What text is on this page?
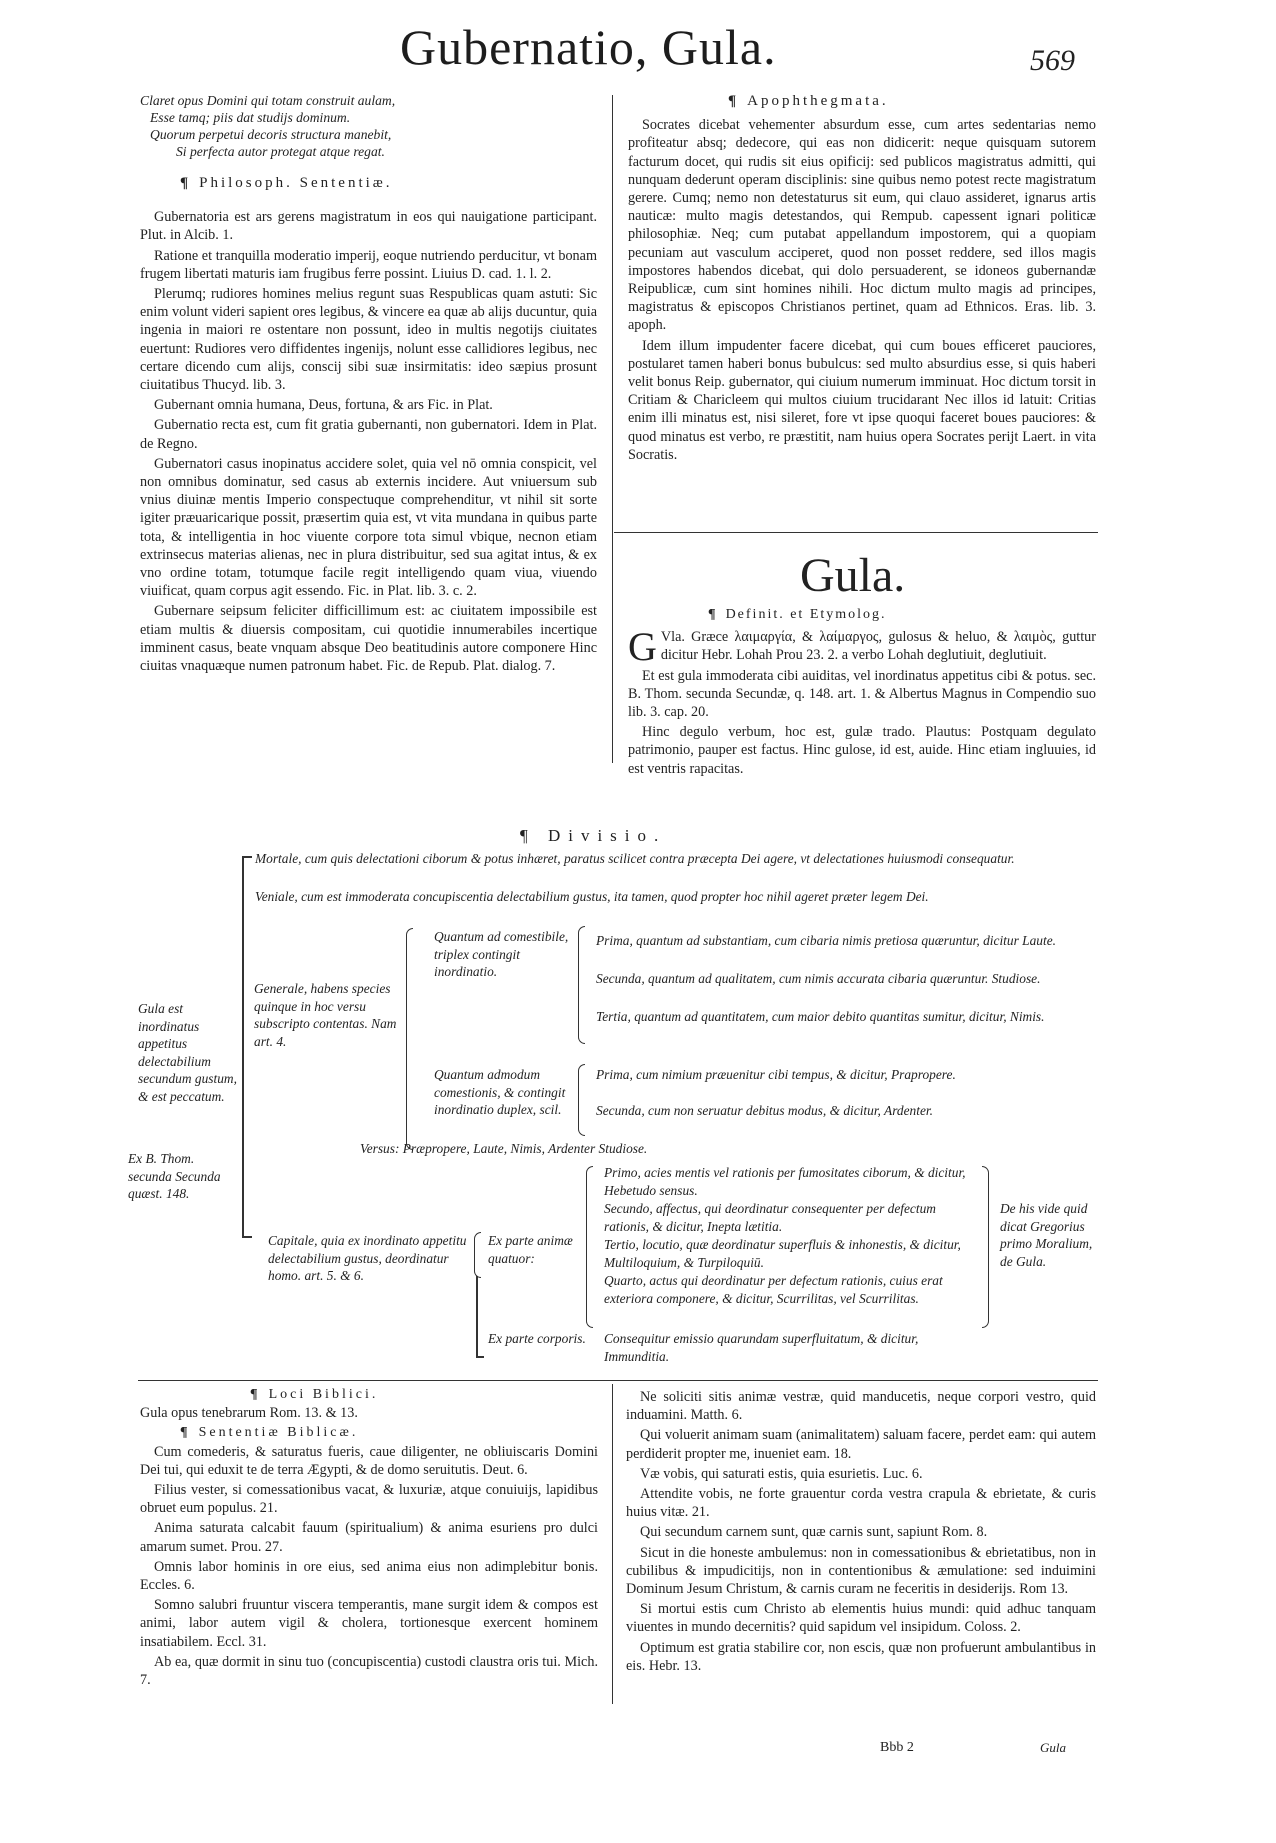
Gubernatio, Gula.	569
Claret opus Domini qui totam construit aulam,
Esse tamq; piis dat studijs dominum.
Quorum perpetui decoris structura manebit,
Si perfecta autor protegat atque regat.
¶ Philosoph. Sententiæ.

Gubernatoria est ars gerens magistratum in eos qui nauigatione participant. Plut. in Alcib. 1.

Ratione et tranquilla moderatio imperij, eoque nutriendo perducitur, vt bonam frugem libertati maturis iam frugibus ferre possint. Liuius D. cad. 1. l. 2.

Plerumq; rudiores homines melius regunt suas Respublicas quam astuti: Sic enim volunt videri sapient ores legibus, & vincere ea quæ ab alijs ducuntur, quia ingenia in maiori re ostentare non possunt, ideo in multis negotijs ciuitates euertunt: Rudiores vero diffidentes ingenijs, nolunt esse callidiores legibus, nec certare dicendo cum alijs, conscij sibi suæ insirmitatis: ideo sæpius prosunt ciuitatibus Thucyd. lib. 3.

Gubernant omnia humana, Deus, fortuna, & ars Fic. in Plat.

Gubernatio recta est, cum fit gratia gubernanti, non gubernatori. Idem in Plat. de Regno.

Gubernatori casus inopinatus accidere solet, quia vel nō omnia conspicit, vel non omnibus dominatur, sed casus ab externis incidere. Aut vniuersum sub vnius diuinæ mentis Imperio conspectuque comprehenditur, vt nihil sit sorte igiter præuaricarique possit, præsertim quia est, vt vita mundana in quibus parte tota, & intelligentia in hoc viuente corpore tota simul vbique, necnon etiam extrinsecus materias alienas, nec in plura distribuitur, sed sua agitat intus, & ex vno ordine totam, totumque facile regit intelligendo quam viua, viuendo viuificat, quam corpus agit essendo. Fic. in Plat. lib. 3. c. 2.

Gubernare seipsum feliciter difficillimum est: ac ciuitatem impossibile est etiam multis & diuersis compositam, cui quotidie innumerabiles incertique imminent casus, beate vnquam absque Deo beatitudinis autore componere Hinc ciuitas vnaquæque numen patronum habet. Fic. de Repub. Plat. dialog. 7.

¶ Apophthegmata.

Socrates dicebat vehementer absurdum esse, cum artes sedentarias nemo profiteatur absq; dedecore, qui eas non didicerit: neque quisquam sutorem facturum docet, qui rudis sit eius opificij: sed publicos magistratus admitti, qui nunquam dederunt operam disciplinis: sine quibus nemo potest recte magistratum gerere. Cumq; nemo non detestaturus sit eum, qui clauo assideret, ignarus artis nauticæ: multo magis detestandos, qui Rempub. capessent ignari politicæ philosophiæ. Neq; cum putabat appellandum impostorem, qui a quopiam pecuniam aut vasculum acciperet, quod non posset reddere, sed illos magis impostores habendos dicebat, qui dolo persuaderent, se idoneos gubernandæ Reipublicæ, cum sint homines nihili. Hoc dictum multo magis ad principes, magistratus & episcopos Christianos pertinet, quam ad Ethnicos. Eras. lib. 3. apoph.

Idem illum impudenter facere dicebat, qui cum boues efficeret pauciores, postularet tamen haberi bonus bubulcus: sed multo absurdius esse, si quis haberi velit bonus Reip. gubernator, qui ciuium numerum imminuat. Hoc dictum torsit in Critiam & Charicleem qui multos ciuium trucidarant Nec illos id latuit: Critias enim illi minatus est, nisi sileret, fore vt ipse quoqui faceret boues pauciores: & quod minatus est verbo, re præstitit, nam huius opera Socrates perijt Laert. in vita Socratis.

Gula.
¶ Definit. et Etymolog.

G Vla. Græce λαιμαργία, & λαίμαργος, gulosus & heluo, & λαιμὸς, guttur dicitur Hebr. Lohah Prou 23. 2. a verbo Lohah deglutiuit, deglutiuit.

Et est gula immoderata cibi auiditas, vel inordinatus appetitus cibi & potus. sec. B. Thom. secunda Secundæ, q. 148. art. 1. & Albertus Magnus in Compendio suo lib. 3. cap. 20.

Hinc degulo verbum, hoc est, gulæ trado. Plautus: Postquam degulato patrimonio, pauper est factus. Hinc gulose, id est, auide. Hinc etiam ingluuies, id est ventris rapacitas.

¶ Divisio.
Mortale, cum quis delectationi ciborum & potus inhæret, paratus scilicet contra præcepta Dei agere, vt delectationes huiusmodi consequatur.
Veniale, cum est immoderata concupiscentia delectabilium gustus, ita tamen, quod propter hoc nihil ageret præter legem Dei.
Gula est inordinatus appetitus delectabilium secundum gustum, & est peccatum.
Ex B. Thom. secunda Secunda quæst. 148.
Generale, habens species quinque in hoc versu subscripto contentas. Nam art. 4.
Quantum ad comestibile, triplex contingit inordinatio.
Prima, quantum ad substantiam, cum cibaria nimis pretiosa quæruntur, dicitur Laute.
Secunda, quantum ad qualitatem, cum nimis accurata cibaria quæruntur. Studiose.
Tertia, quantum ad quantitatem, cum maior debito quantitas sumitur, dicitur, Nimis.
Quantum admodum comestionis, & contingit inordinatio duplex, scil.
Prima, cum nimium præuenitur cibi tempus, & dicitur, Prapropere.
Secunda, cum non seruatur debitus modus, & dicitur, Ardenter.
Versus: Præpropere, Laute, Nimis, Ardenter Studiose.
Capitale, quia ex inordinato appetitu delectabilium gustus, deordinatur homo. art. 5. & 6.
Ex parte animæ quatuor:
Ex parte corporis.
Primo, acies mentis vel rationis per fumositates ciborum, & dicitur, Hebetudo sensus.
Secundo, affectus, qui deordinatur consequenter per defectum rationis, & dicitur, Inepta lætitia.
Tertio, locutio, quæ deordinatur superfluis & inhonestis, & dicitur, Multiloquium, & Turpiloquiū.
Quarto, actus qui deordinatur per defectum rationis, cuius erat exteriora componere, & dicitur, Scurrilitas, vel Scurrilitas.
Consequitur emissio quarundam superfluitatum, & dicitur, Immunditia.
De his vide quid dicat Gregorius primo Moralium, de Gula.
¶ Loci Biblici.

Gula opus tenebrarum Rom. 13. & 13.

¶ Sententiæ Biblicæ.

Cum comederis, & saturatus fueris, caue diligenter, ne obliuiscaris Domini Dei tui, qui eduxit te de terra Ægypti, & de domo seruitutis. Deut. 6.

Filius vester, si comessationibus vacat, & luxuriæ, atque conuiuijs, lapidibus obruet eum populus. 21.

Anima saturata calcabit fauum (spiritualium) & anima esuriens pro dulci amarum sumet. Prou. 27.

Omnis labor hominis in ore eius, sed anima eius non adimplebitur bonis. Eccles. 6.

Somno salubri fruuntur viscera temperantis, mane surgit idem & compos est animi, labor autem vigil & cholera, tortionesque exercent hominem insatiabilem. Eccl. 31.

Ab ea, quæ dormit in sinu tuo (concupiscentia) custodi claustra oris tui. Mich. 7.

Ne soliciti sitis animæ vestræ, quid manducetis, neque corpori vestro, quid induamini. Matth. 6.

Qui voluerit animam suam (animalitatem) saluam facere, perdet eam: qui autem perdiderit propter me, inueniet eam. 18.

Væ vobis, qui saturati estis, quia esurietis. Luc. 6.

Attendite vobis, ne forte grauentur corda vestra crapula & ebrietate, & curis huius vitæ. 21.

Qui secundum carnem sunt, quæ carnis sunt, sapiunt Rom. 8.

Sicut in die honeste ambulemus: non in comessationibus & ebrietatibus, non in cubilibus & impudicitijs, non in contentionibus & æmulatione: sed induimini Dominum Jesum Christum, & carnis curam ne feceritis in desiderijs. Rom 13.

Si mortui estis cum Christo ab elementis huius mundi: quid adhuc tanquam viuentes in mundo decernitis? quid sapidum vel insipidum. Coloss. 2.

Optimum est gratia stabilire cor, non escis, quæ non profuerunt ambulantibus in eis. Hebr. 13.

Bbb 2	Gula
